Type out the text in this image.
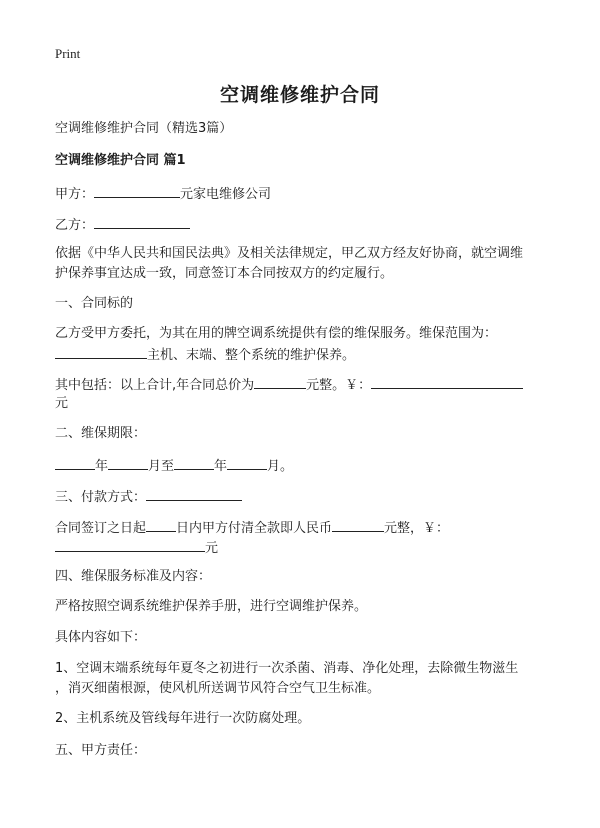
Print
空调维修维护合同
空调维修维护合同（精选3篇）
空调维修维护合同 篇1
甲方：	元家电维修公司
乙方：
依据《中华人民共和国民法典》及相关法律规定，甲乙双方经友好协商，就空调维
护保养事宜达成一致，同意签订本合同按双方的约定履行。
一、合同标的
乙方受甲方委托，为其在用的牌空调系统提供有偿的维保服务。维保范围为：
主机、末端、整个系统的维护保养。
其中包括：以上合计,年合同总价为	元整。￥：
元
二、维保期限：
年	月至	年	月。
三、付款方式：
合同签订之日起 日内甲方付清全款即人民币	元整，￥：
元
四、维保服务标准及内容：
严格按照空调系统维护保养手册，进行空调维护保养。
具体内容如下：
1、空调末端系统每年夏冬之初进行一次杀菌、消毒、净化处理，去除微生物滋生
，消灭细菌根源，使风机所送调节风符合空气卫生标准。
2、主机系统及管线每年进行一次防腐处理。
五、甲方责任：
